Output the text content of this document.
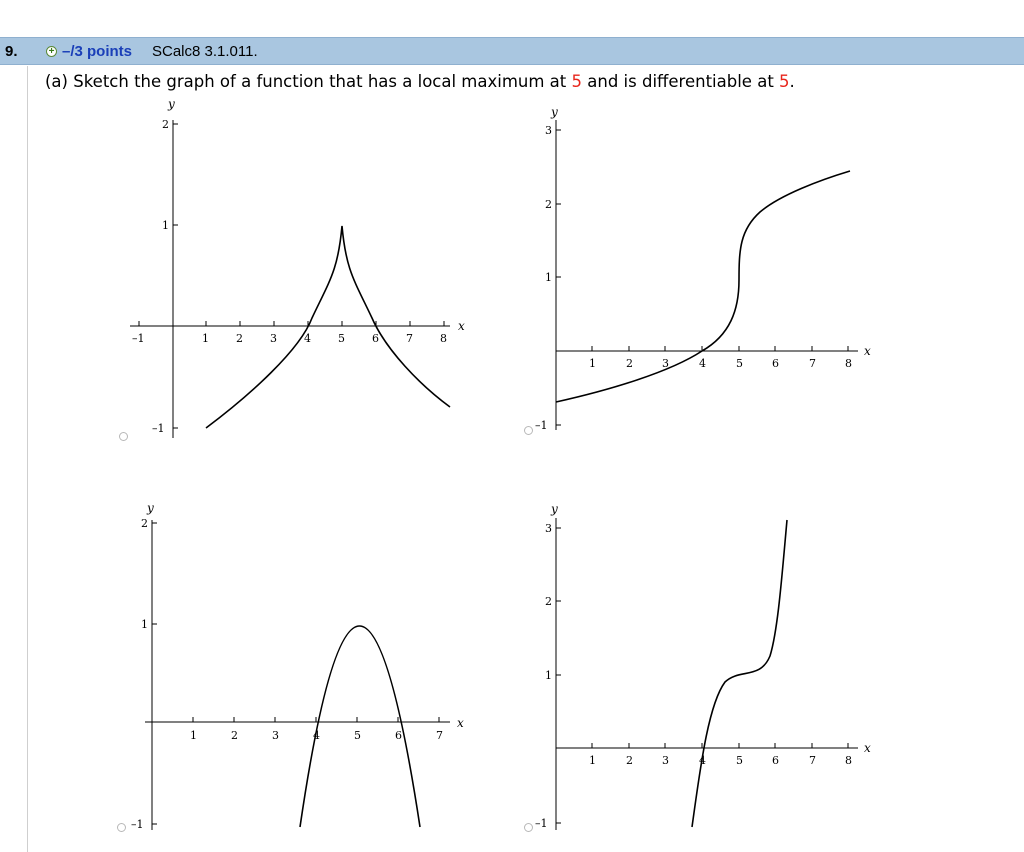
9.	+ –/3 points SCalc8 3.1.011.
(a) Sketch the graph of a function that has a local maximum at 5 and is differentiable at 5.
–1	1 2 3 4 5 6 7 8
2
1
–1
x
y
1	2	3	4	5	6	7	8
3
2
1
–1
x
y
1	2	3	4	5	6	7
2
1
–1
x
y
1	2	3	4	5	6	7	8
3
2
1
–1
x
y
